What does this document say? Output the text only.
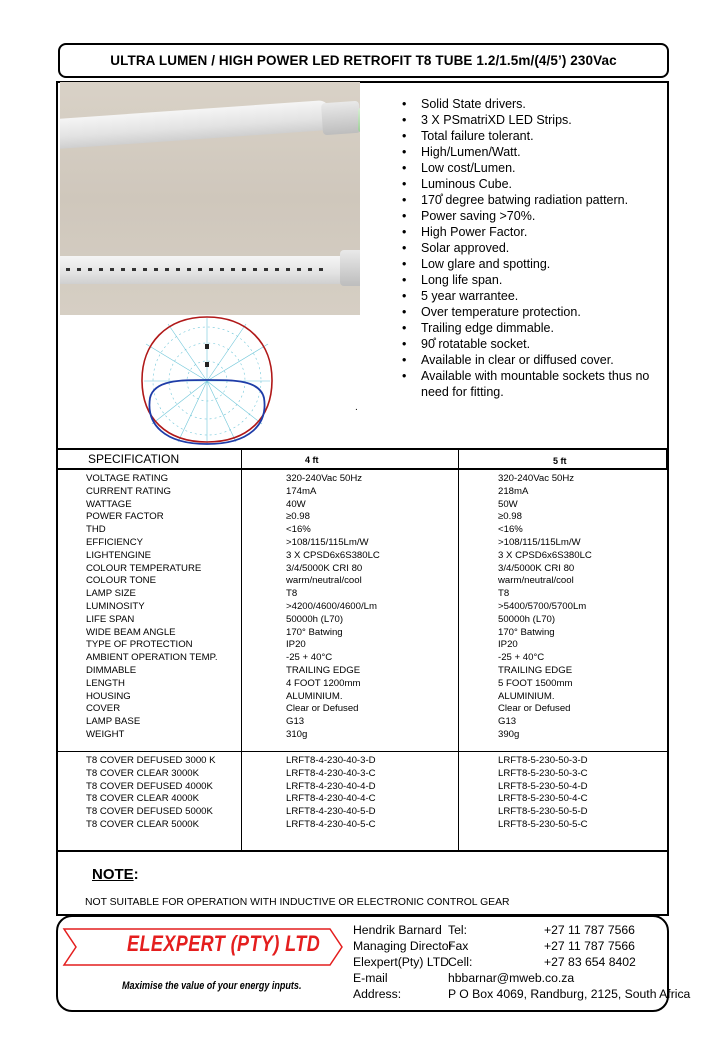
ULTRA LUMEN / HIGH POWER LED RETROFIT T8 TUBE 1.2/1.5m/(4/5’) 230Vac
• Solid State drivers.
• 3 X PSmatriXD LED Strips.
• Total failure tolerant.
• High/Lumen/Watt.
• Low cost/Lumen.
• Luminous Cube.
• 170̊ degree batwing radiation pattern.
• Power saving >70%.
• High Power Factor.
• Solar approved.
• Low glare and spotting.
• Long life span.
• 5 year warrantee.
• Over temperature protection.
• Trailing edge dimmable.
• 90̊ rotatable socket.
• Available in clear or diffused cover.
• Available with mountable sockets thus no need for fitting.
.
SPECIFICATION	4 ft	5 ft
VOLTAGE RATING
CURRENT RATING
WATTAGE
POWER FACTOR
THD
EFFICIENCY
LIGHTENGINE
COLOUR TEMPERATURE
COLOUR TONE
LAMP SIZE
LUMINOSITY
LIFE SPAN
WIDE BEAM ANGLE
TYPE OF PROTECTION
AMBIENT OPERATION TEMP.
DIMMABLE
LENGTH
HOUSING
COVER
LAMP BASE
WEIGHT
320-240Vac 50Hz
174mA
40W
≥0.98
<16%
>108/115/115Lm/W
3 X CPSD6x6S380LC
3/4/5000K CRI 80
warm/neutral/cool
T8
>4200/4600/4600/Lm
50000h (L70)
170° Batwing
IP20
-25 + 40°C
TRAILING EDGE
4 FOOT 1200mm
ALUMINIUM.
Clear or Defused
G13
310g
320-240Vac 50Hz
218mA
50W
≥0.98
<16%
>108/115/115Lm/W
3 X CPSD6x6S380LC
3/4/5000K CRI 80
warm/neutral/cool
T8
>5400/5700/5700Lm
50000h (L70)
170° Batwing
IP20
-25 + 40°C
TRAILING EDGE
5 FOOT 1500mm
ALUMINIUM.
Clear or Defused
G13
390g
T8 COVER DEFUSED 3000 K
T8 COVER CLEAR 3000K
T8 COVER DEFUSED 4000K
T8 COVER CLEAR 4000K
T8 COVER DEFUSED 5000K
T8 COVER CLEAR 5000K
LRFT8-4-230-40-3-D
LRFT8-4-230-40-3-C
LRFT8-4-230-40-4-D
LRFT8-4-230-40-4-C
LRFT8-4-230-40-5-D
LRFT8-4-230-40-5-C
LRFT8-5-230-50-3-D
LRFT8-5-230-50-3-C
LRFT8-5-230-50-4-D
LRFT8-5-230-50-4-C
LRFT8-5-230-50-5-D
LRFT8-5-230-50-5-C
NOTE:
NOT SUITABLE FOR OPERATION WITH INDUCTIVE OR ELECTRONIC CONTROL GEAR
ELEXPERT (PTY) LTD
Maximise the value of your energy inputs.
Hendrik Barnard
Managing Director
Elexpert(Pty) LTD
E-mail
Address:
Tel:
Fax
Cell:
+27 11 787 7566
+27 11 787 7566
+27 83 654 8402
hbbarnar@mweb.co.za
P O Box 4069, Randburg, 2125, South Africa
